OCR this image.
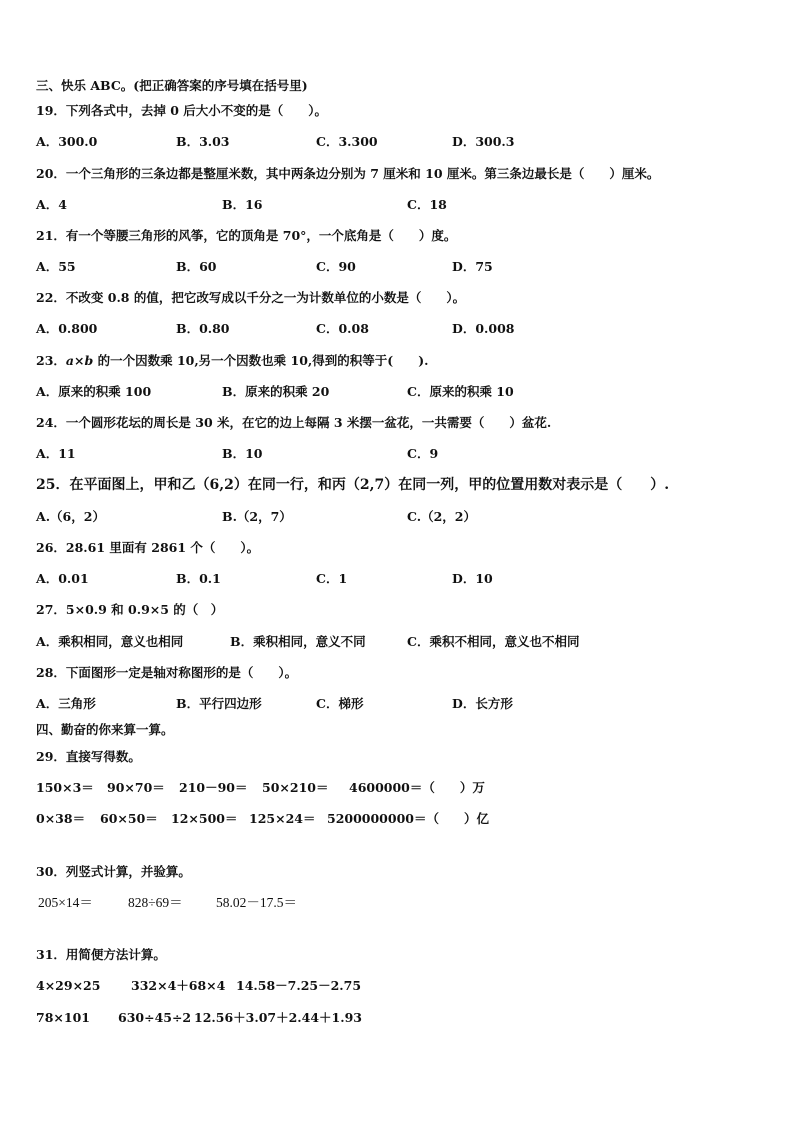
三、快乐 ABC。(把正确答案的序号填在括号里)
19．下列各式中，去掉 0 后大小不变的是（　　）。
A．300.0	B．3.03	C．3.300	D．300.3
20．一个三角形的三条边都是整厘米数，其中两条边分别为 7 厘米和 10 厘米。第三条边最长是（　　）厘米。
A．4	B．16	C．18
21．有一个等腰三角形的风筝，它的顶角是 70°，一个底角是（　　）度。
A．55	B．60	C．90	D．75
22．不改变 0.8 的值，把它改写成以千分之一为计数单位的小数是（　　）。
A．0.800	B．0.80	C．0.08	D．0.008
23．a×b 的一个因数乘 10,另一个因数也乘 10,得到的积等于(　　).
A．原来的积乘 100	B．原来的积乘 20	C．原来的积乘 10
24．一个圆形花坛的周长是 30 米，在它的边上每隔 3 米摆一盆花，一共需要（　　）盆花.
A．11	B．10	C．9
25．在平面图上，甲和乙（6,2）在同一行，和丙（2,7）在同一列，甲的位置用数对表示是（　　）.
A.（6，2）	B.（2，7）	C.（2，2）
26．28.61 里面有 2861 个（　　）。
A．0.01	B．0.1	C．1	D．10
27．5×0.9 和 0.9×5 的（　）
A．乘积相同，意义也相同	B．乘积相同，意义不同	C．乘积不相同，意义也不相同
28．下面图形一定是轴对称图形的是（　　）。
A．三角形	B．平行四边形	C．梯形	D．长方形
四、勤奋的你来算一算。
29．直接写得数。
150×3＝ 90×70＝ 210－90＝ 50×210＝ 4600000＝（　　）万
0×38＝ 60×50＝ 12×500＝ 125×24＝ 5200000000＝（　　）亿
30．列竖式计算，并验算。
205×14＝	828÷69＝ 58.02－17.5＝
31．用简便方法计算。
4×29×25 332×4＋68×4 14.58－7.25－2.75
78×101 630÷45÷2 12.56＋3.07＋2.44＋1.93
